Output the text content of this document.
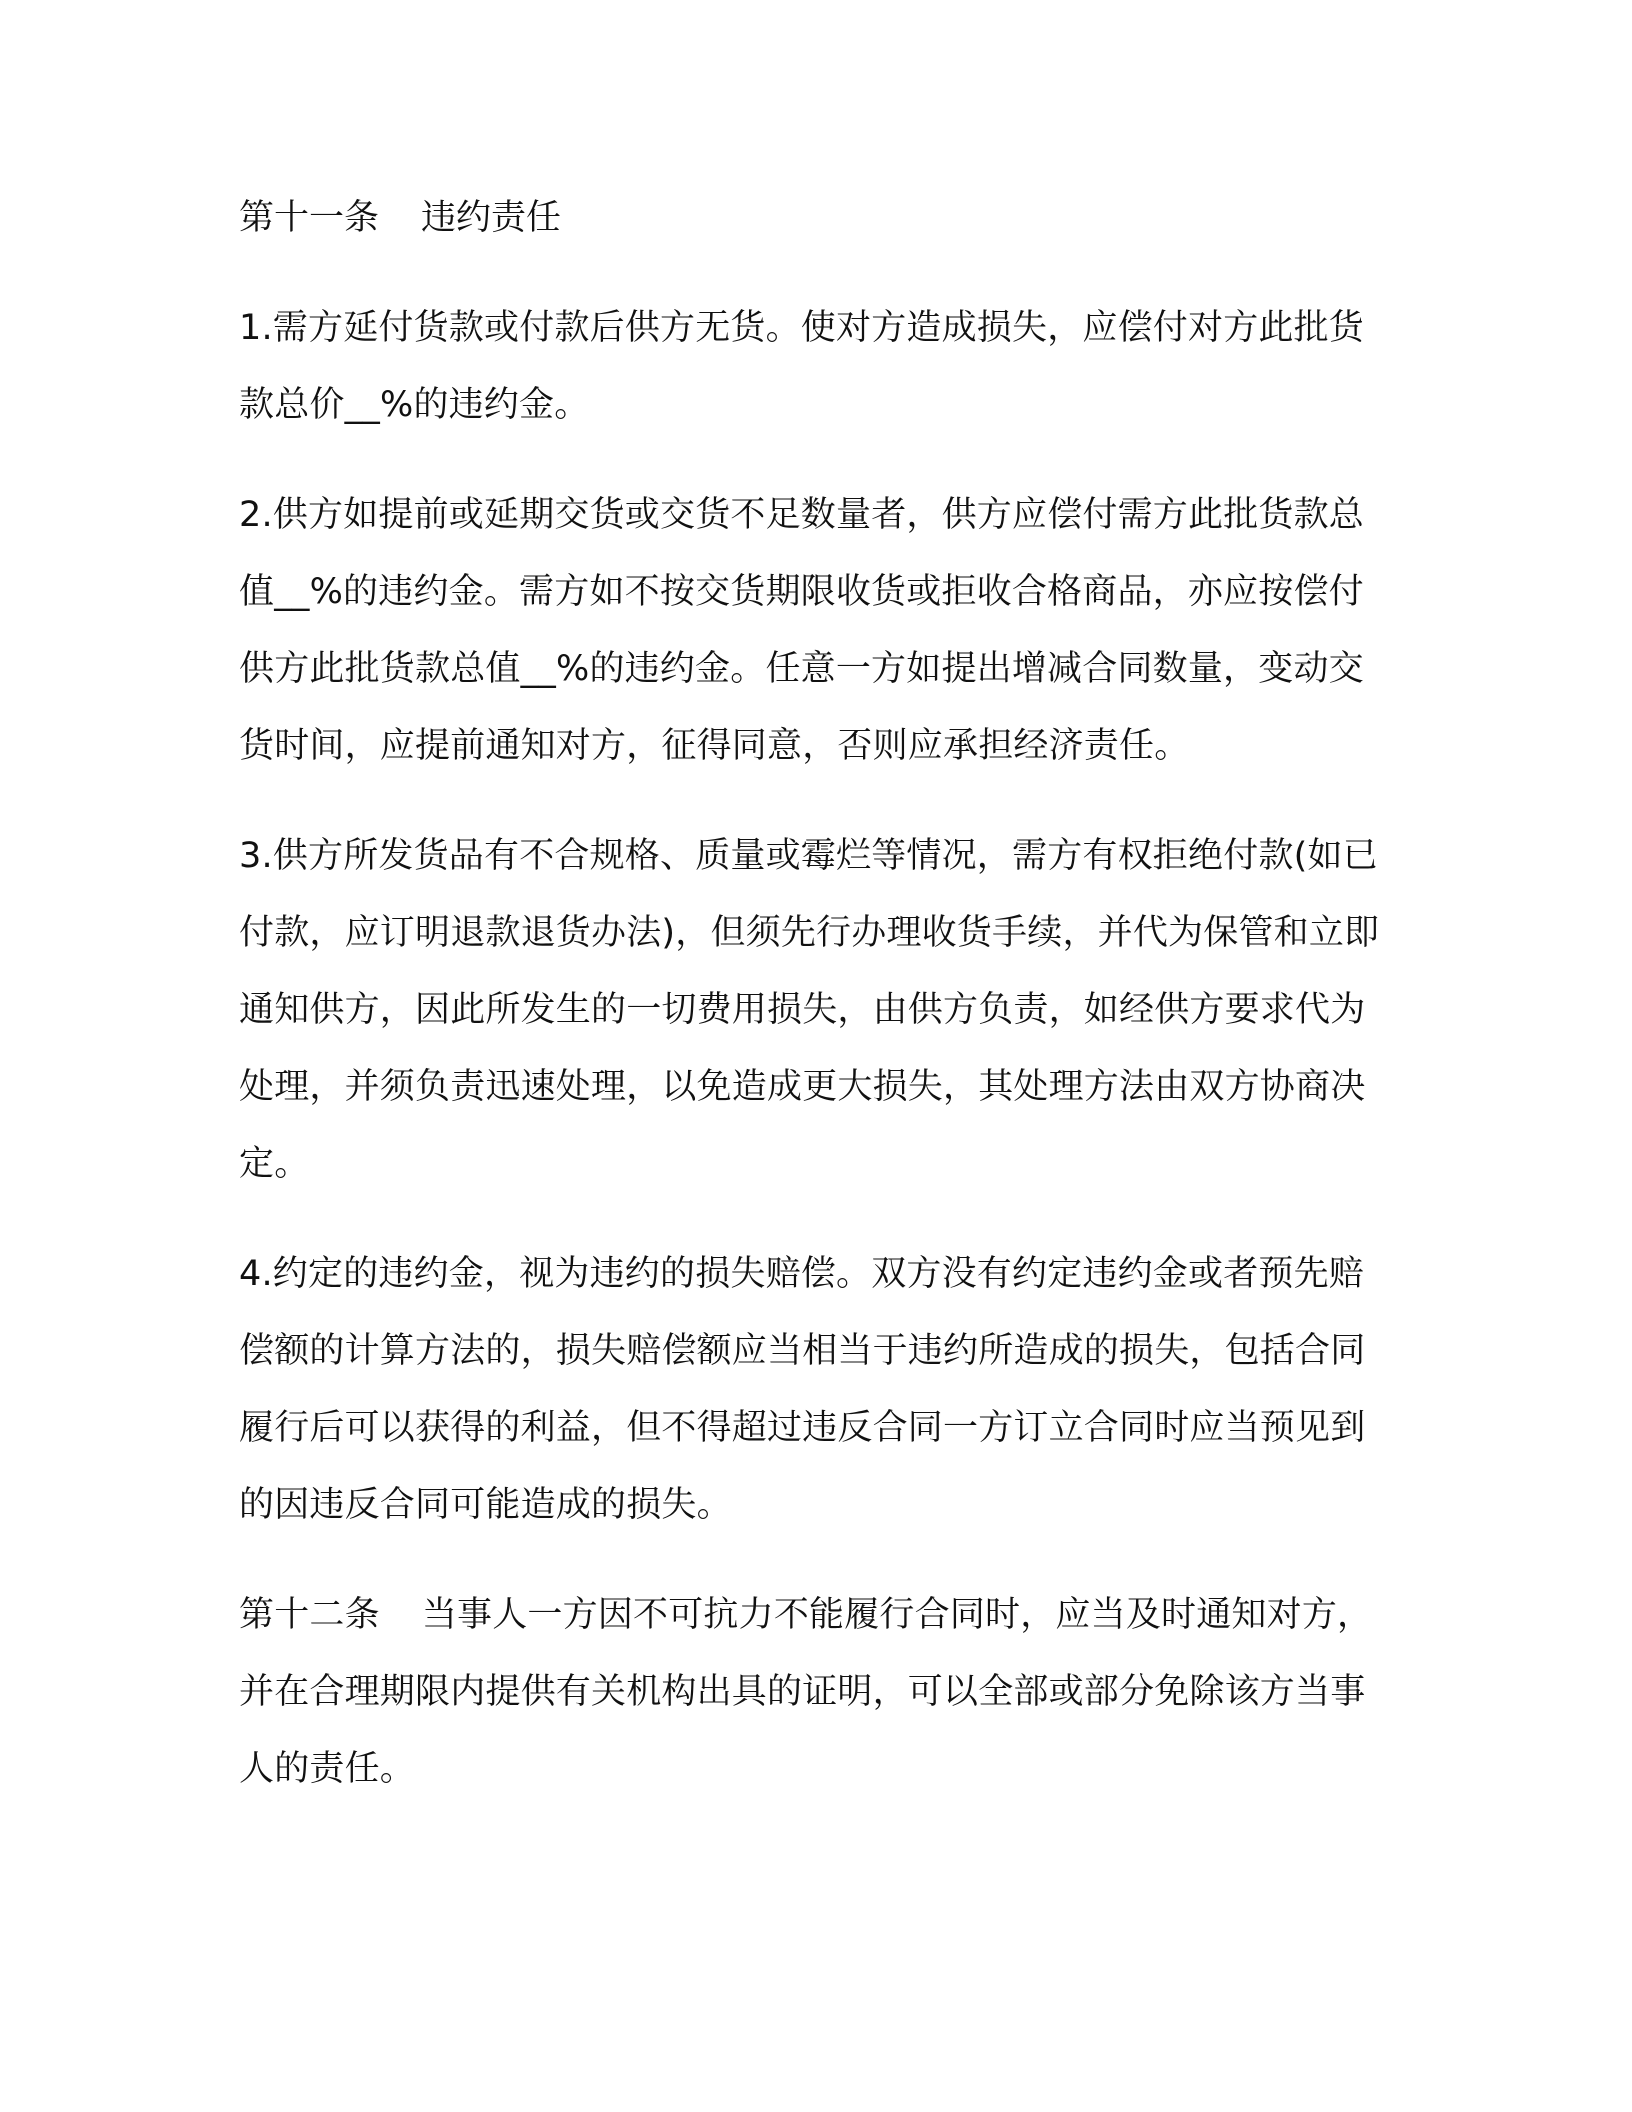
第十一条 违约责任

1.需方延付货款或付款后供方无货。使对方造成损失，应偿付对方此批货款总价__%的违约金。

2.供方如提前或延期交货或交货不足数量者，供方应偿付需方此批货款总值__%的违约金。需方如不按交货期限收货或拒收合格商品，亦应按偿付供方此批货款总值__%的违约金。任意一方如提出增减合同数量，变动交货时间，应提前通知对方，征得同意，否则应承担经济责任。

3.供方所发货品有不合规格、质量或霉烂等情况，需方有权拒绝付款(如已付款，应订明退款退货办法)，但须先行办理收货手续，并代为保管和立即通知供方，因此所发生的一切费用损失，由供方负责，如经供方要求代为处理，并须负责迅速处理，以免造成更大损失，其处理方法由双方协商决定。

4.约定的违约金，视为违约的损失赔偿。双方没有约定违约金或者预先赔偿额的计算方法的，损失赔偿额应当相当于违约所造成的损失，包括合同履行后可以获得的利益，但不得超过违反合同一方订立合同时应当预见到的因违反合同可能造成的损失。

第十二条 当事人一方因不可抗力不能履行合同时，应当及时通知对方，并在合理期限内提供有关机构出具的证明，可以全部或部分免除该方当事人的责任。
